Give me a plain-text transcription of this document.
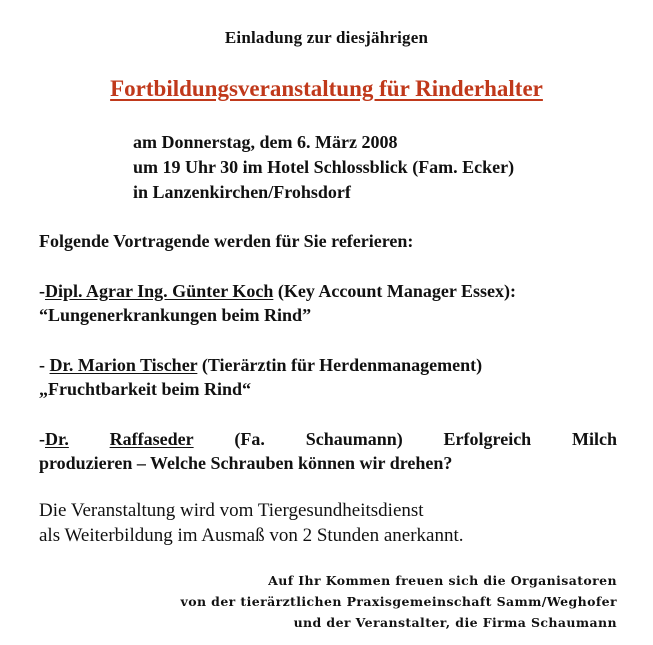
Einladung zur diesjährigen
Fortbildungsveranstaltung für Rinderhalter
am Donnerstag, dem 6. März 2008
um 19 Uhr 30 im Hotel Schlossblick (Fam. Ecker)
in Lanzenkirchen/Frohsdorf
Folgende Vortragende werden für Sie referieren:
-Dipl. Agrar Ing. Günter Koch (Key Account Manager Essex):
“Lungenerkrankungen beim Rind”
- Dr. Marion Tischer (Tierärztin für Herdenmanagement)
„Fruchtbarkeit beim Rind“
-Dr. Raffaseder (Fa. Schaumann) Erfolgreich Milch
produzieren – Welche Schrauben können wir drehen?
Die Veranstaltung wird vom Tiergesundheitsdienst
als Weiterbildung im Ausmaß von 2 Stunden anerkannt.
Auf Ihr Kommen freuen sich die Organisatoren
von der tierärztlichen Praxisgemeinschaft Samm/Weghofer
und der Veranstalter, die Firma Schaumann
